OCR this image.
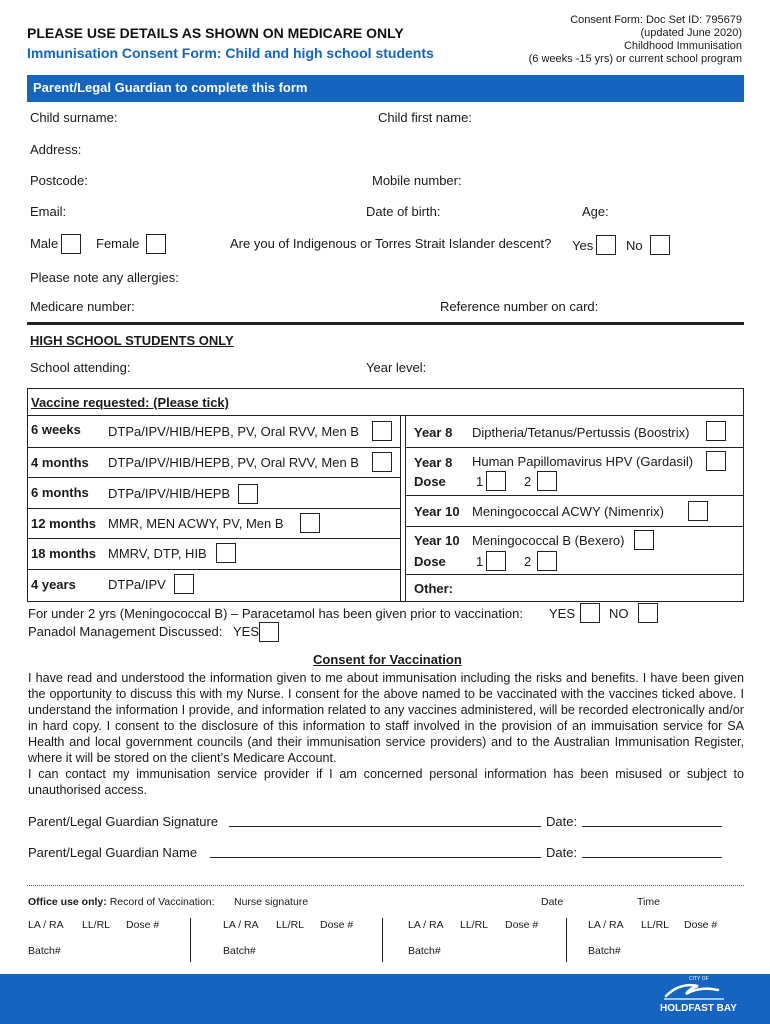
PLEASE USE DETAILS AS SHOWN ON MEDICARE ONLY
Immunisation Consent Form: Child and high school students
Consent Form: Doc Set ID: 795679
(updated June 2020)
Childhood Immunisation
(6 weeks -15 yrs) or current school program
Parent/Legal Guardian to complete this form
Child surname:	Child first name:
Address:
Postcode:	Mobile number:
Email:	Date of birth:	Age:
Male	Female	Are you of Indigenous or Torres Strait Islander descent? Yes	No
Please note any allergies:
Medicare number:	Reference number on card:
HIGH SCHOOL STUDENTS ONLY
School attending:	Year level:
Vaccine requested: (Please tick)
6 weeks DTPa/IPV/HIB/HEPB, PV, Oral RVV, Men B
4 months DTPa/IPV/HIB/HEPB, PV, Oral RVV, Men B
6 months DTPa/IPV/HIB/HEPB
12 months MMR, MEN ACWY, PV, Men B
18 months MMRV, DTP, HIB
4 years DTPa/IPV
Year 8 Diptheria/Tetanus/Pertussis (Boostrix)
Year 8 Human Papillomavirus HPV (Gardasil)
Dose 1	2
Year 10 Meningococcal ACWY (Nimenrix)
Year 10 Meningococcal B (Bexero)
Dose 1	2
Other:
For under 2 yrs (Meningococcal B) – Paracetamol has been given prior to vaccination: YES	NO
Panadol Management Discussed: YES
Consent for Vaccination
I have read and understood the information given to me about immunisation including the risks and benefits. I have been given the opportunity to discuss this with my Nurse. I consent for the above named to be vaccinated with the vaccines ticked above. I understand the information I provide, and information related to any vaccines administered, will be recorded electronically and/or in hard copy. I consent to the disclosure of this information to staff involved in the provision of an immuisation service for SA Health and local government councils (and their immunisation service providers) and to the Australian Immunisation Register, where it will be stored on the client’s Medicare Account.
I can contact my immunisation service provider if I am concerned personal information has been misused or subject to unauthorised access.
Parent/Legal Guardian Signature	Date:
Parent/Legal Guardian Name	Date:
Office use only: Record of Vaccination: Nurse signature	Date	Time
LA / RA LL/RL Dose #
Batch#
LA / RA LL/RL Dose #
Batch#
LA / RA LL/RL Dose #
Batch#
LA / RA LL/RL Dose #
Batch#
CITY OF
HOLDFAST BAY
